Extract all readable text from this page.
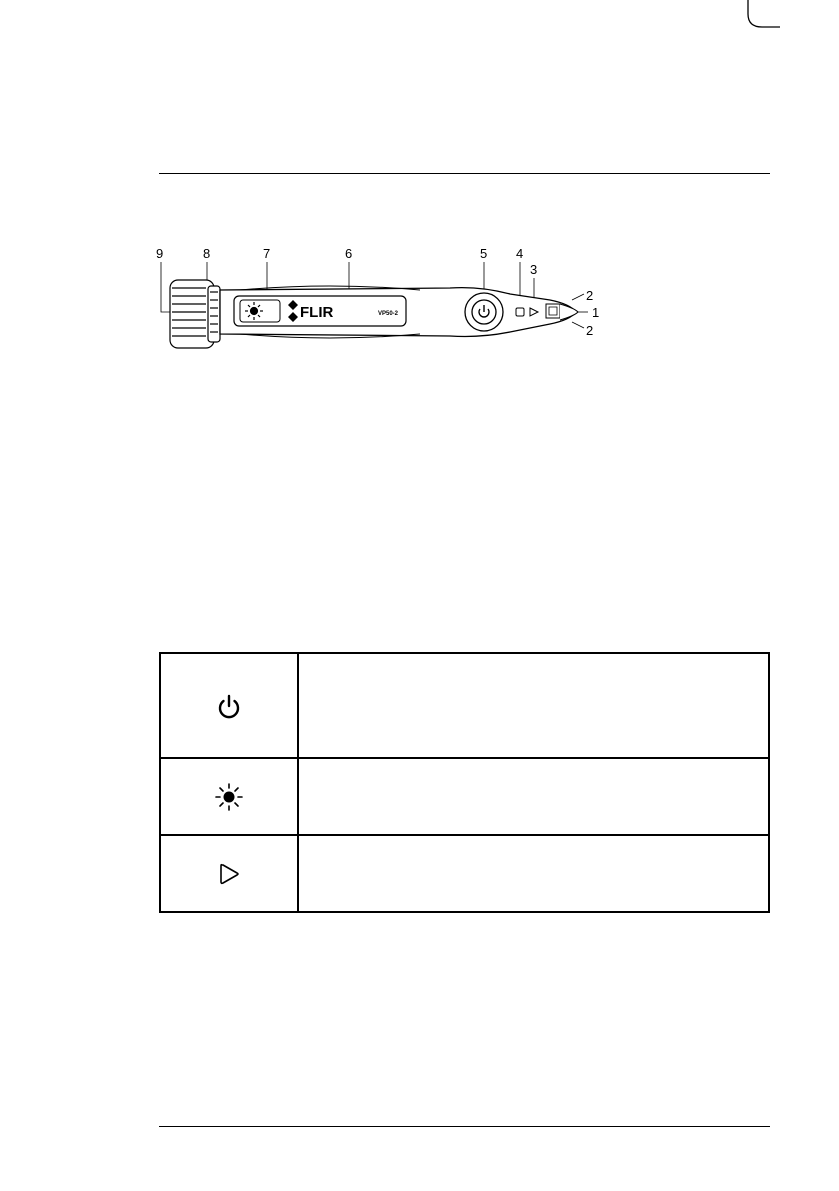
9	8	7	6	5 4
3
2
1
2
FLIR	VP50-2
